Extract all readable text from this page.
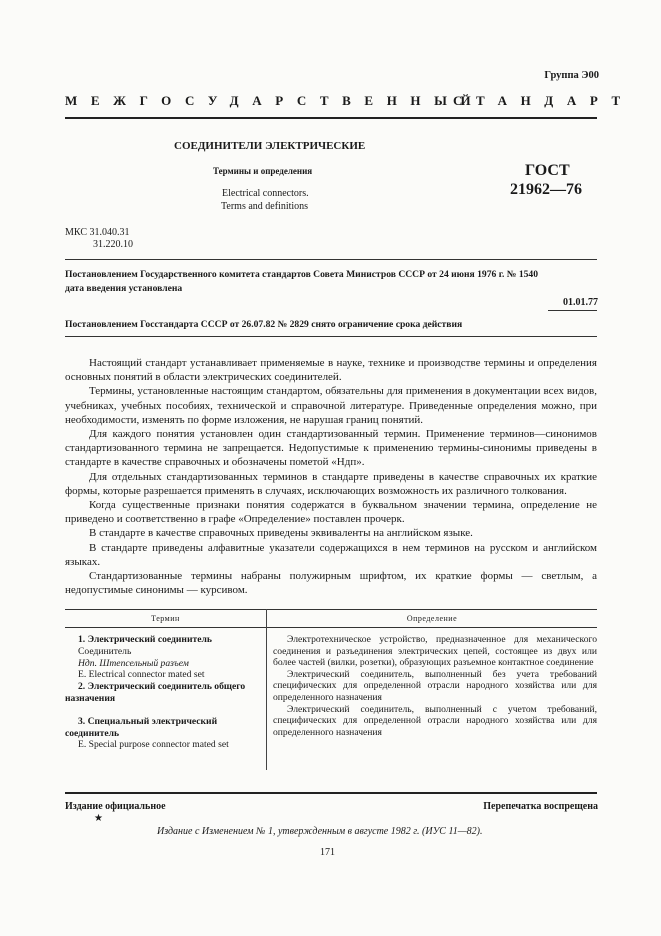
Группа Э00
МЕЖГОСУДАРСТВЕННЫЙ
СТАНДАРТ
СОЕДИНИТЕЛИ ЭЛЕКТРИЧЕСКИЕ
Термины и определения
Electrical connectors.
Terms and definitions
ГОСТ
21962—76
МКС 31.040.31
31.220.10
Постановлением Государственного комитета стандартов Совета Министров СССР от 24 июня 1976 г. № 1540
дата введения установлена
01.01.77
Постановлением Госстандарта СССР от 26.07.82 № 2829 снято ограничение срока действия

Настоящий стандарт устанавливает применяемые в науке, технике и производстве термины и определения основных понятий в области электрических соединителей.

Термины, установленные настоящим стандартом, обязательны для применения в документации всех видов, учебниках, учебных пособиях, технической и справочной литературе. Приведенные определения можно, при необходимости, изменять по форме изложения, не нарушая границ понятий.

Для каждого понятия установлен один стандартизованный термин. Применение терминов—синонимов стандартизованного термина не запрещается. Недопустимые к применению термины-синонимы приведены в стандарте в качестве справочных и обозначены пометой «Ндп».

Для отдельных стандартизованных терминов в стандарте приведены в качестве справочных их краткие формы, которые разрешается применять в случаях, исключающих возможность их различного толкования.

Когда существенные признаки понятия содержатся в буквальном значении термина, определение не приведено и соответственно в графе «Определение» поставлен прочерк.

В стандарте в качестве справочных приведены эквиваленты на английском языке.

В стандарте приведены алфавитные указатели содержащихся в нем терминов на русском и английском языках.

Стандартизованные термины набраны полужирным шрифтом, их краткие формы — светлым, а недопустимые синонимы — курсивом.

Термин	Определение
1. Электрический соединитель
Соединитель
Ндп. Штепсельный разъем
E. Electrical connector mated set
2. Электрический соединитель общего назначения
3. Специальный электрический соединитель
E. Special purpose connector mated set

Электротехническое устройство, предназначенное для механического соединения и разъединения электрических цепей, состоящее из двух или более частей (вилки, розетки), образующих разъемное контактное соединение

Электрический соединитель, выполненный без учета требований специфических для определенной отрасли народного хозяйства или для определенного назначения

Электрический соединитель, выполненный с учетом требований, специфических для определенной отрасли народного хозяйства или для определенного назначения

Издание официальное	Перепечатка воспрещена
★
Издание с Изменением № 1, утвержденным в августе 1982 г. (ИУС 11—82).
171
